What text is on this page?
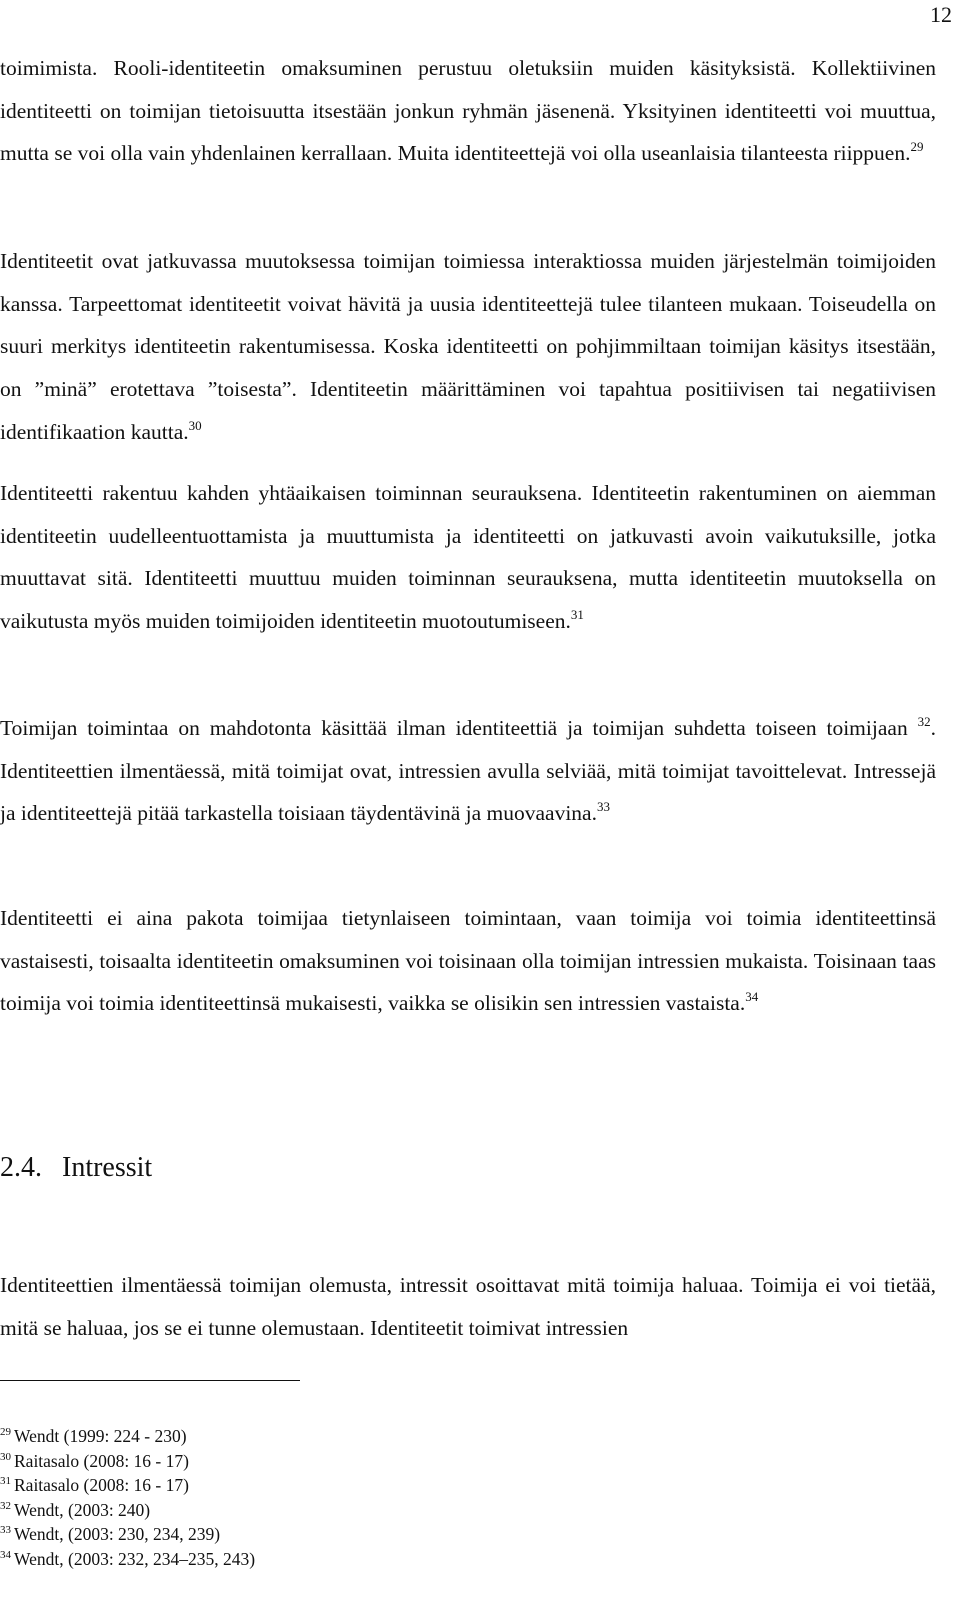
12

toimimista. Rooli-identiteetin omaksuminen perustuu oletuksiin muiden käsityksistä. Kollektiivinen identiteetti on toimijan tietoisuutta itsestään jonkun ryhmän jäsenenä. Yksityinen identiteetti voi muuttua, mutta se voi olla vain yhdenlainen kerrallaan. Muita identiteettejä voi olla useanlaisia tilanteesta riippuen.$^{29}$

Identiteetit ovat jatkuvassa muutoksessa toimijan toimiessa interaktiossa muiden järjestelmän toimijoiden kanssa. Tarpeettomat identiteetit voivat hävitä ja uusia identiteettejä tulee tilanteen mukaan. Toiseudella on suuri merkitys identiteetin rakentumisessa. Koska identiteetti on pohjimmiltaan toimijan käsitys itsestään, on ”minä” erotettava ”toisesta”. Identiteetin määrittäminen voi tapahtua positiivisen tai negatiivisen identifikaation kautta.$^{30}$

Identiteetti rakentuu kahden yhtäaikaisen toiminnan seurauksena. Identiteetin rakentuminen on aiemman identiteetin uudelleentuottamista ja muuttumista ja identiteetti on jatkuvasti avoin vaikutuksille, jotka muuttavat sitä. Identiteetti muuttuu muiden toiminnan seurauksena, mutta identiteetin muutoksella on vaikutusta myös muiden toimijoiden identiteetin muotoutumiseen.$^{31}$

Toimijan toimintaa on mahdotonta käsittää ilman identiteettiä ja toimijan suhdetta toiseen toimijaan $^{32}$. Identiteettien ilmentäessä, mitä toimijat ovat, intressien avulla selviää, mitä toimijat tavoittelevat. Intressejä ja identiteettejä pitää tarkastella toisiaan täydentävinä ja muovaavina.$^{33}$

Identiteetti ei aina pakota toimijaa tietynlaiseen toimintaan, vaan toimija voi toimia identiteettinsä vastaisesti, toisaalta identiteetin omaksuminen voi toisinaan olla toimijan intressien mukaista. Toisinaan taas toimija voi toimia identiteettinsä mukaisesti, vaikka se olisikin sen intressien vastaista.$^{34}$

2.4. Intressit

Identiteettien ilmentäessä toimijan olemusta, intressit osoittavat mitä toimija haluaa. Toimija ei voi tietää, mitä se haluaa, jos se ei tunne olemustaan. Identiteetit toimivat intressien

$^{29}$ Wendt (1999: 224 - 230)
$^{30}$ Raitasalo (2008: 16 - 17)
$^{31}$ Raitasalo (2008: 16 - 17)
$^{32}$ Wendt, (2003: 240)
$^{33}$ Wendt, (2003: 230, 234, 239)
$^{34}$ Wendt, (2003: 232, 234–235, 243)
